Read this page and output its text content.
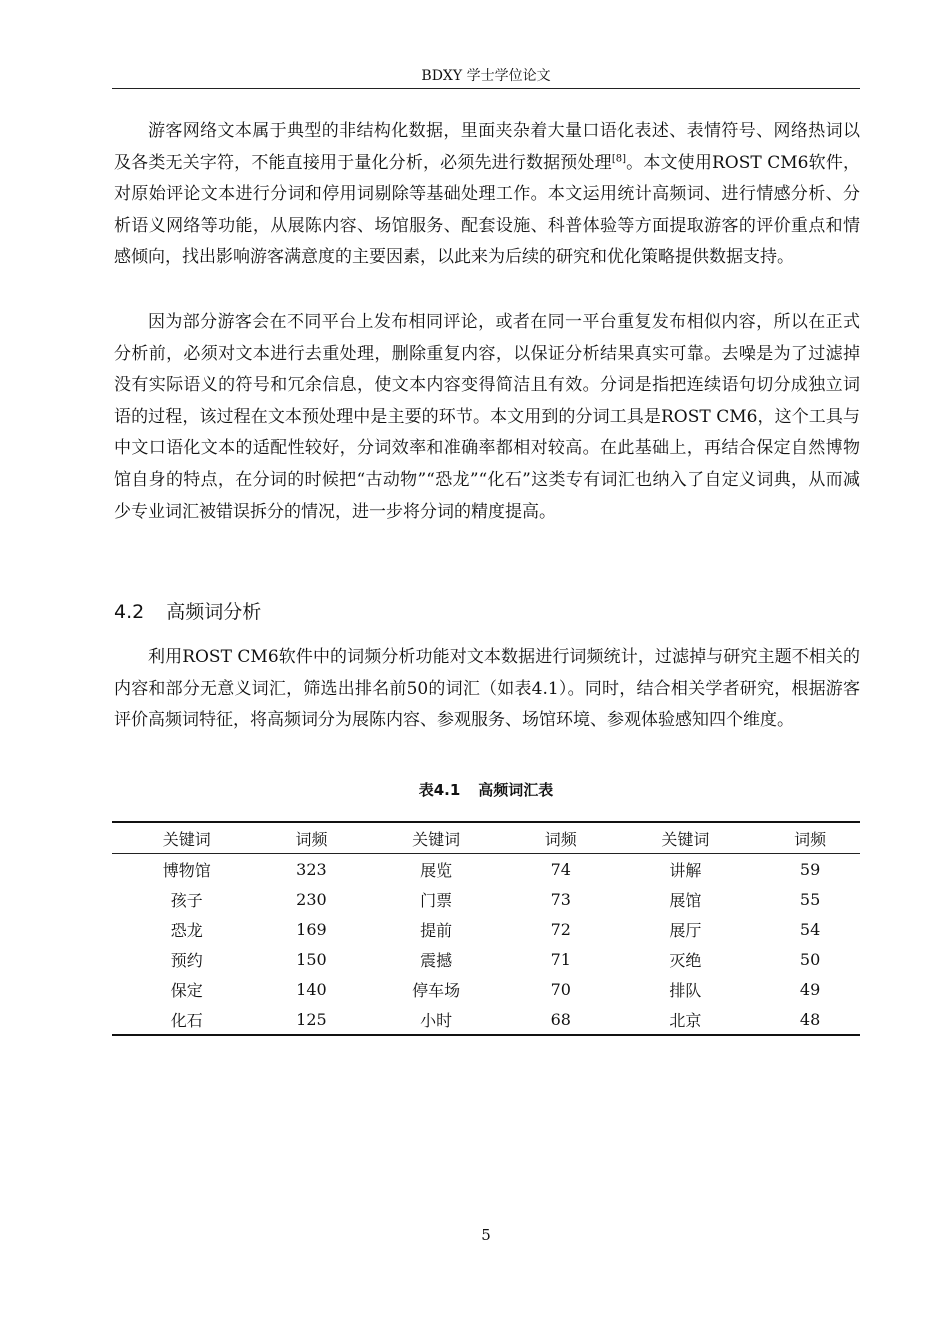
BDXY 学士学位论文

游客网络文本属于典型的非结构化数据，里面夹杂着大量口语化表述、表情符号、网络热词以及各类无关字符，不能直接用于量化分析，必须先进行数据预处理[8]。本文使用ROST CM6软件，对原始评论文本进行分词和停用词剔除等基础处理工作。本文运用统计高频词、进行情感分析、分析语义网络等功能，从展陈内容、场馆服务、配套设施、科普体验等方面提取游客的评价重点和情感倾向，找出影响游客满意度的主要因素，以此来为后续的研究和优化策略提供数据支持。

因为部分游客会在不同平台上发布相同评论，或者在同一平台重复发布相似内容，所以在正式分析前，必须对文本进行去重处理，删除重复内容，以保证分析结果真实可靠。去噪是为了过滤掉没有实际语义的符号和冗余信息，使文本内容变得简洁且有效。分词是指把连续语句切分成独立词语的过程，该过程在文本预处理中是主要的环节。本文用到的分词工具是ROST CM6，这个工具与中文口语化文本的适配性较好，分词效率和准确率都相对较高。在此基础上，再结合保定自然博物馆自身的特点，在分词的时候把“古动物”“恐龙”“化石”这类专有词汇也纳入了自定义词典，从而减少专业词汇被错误拆分的情况，进一步将分词的精度提高。

4.2 高频词分析

利用ROST CM6软件中的词频分析功能对文本数据进行词频统计，过滤掉与研究主题不相关的内容和部分无意义词汇，筛选出排名前50的词汇（如表4.1）。同时，结合相关学者研究，根据游客评价高频词特征，将高频词分为展陈内容、参观服务、场馆环境、参观体验感知四个维度。

表4.1 高频词汇表
关键词	词频	关键词	词频	关键词	词频
博物馆	323	展览	74	讲解	59
孩子	230	门票	73	展馆	55
恐龙	169	提前	72	展厅	54
预约	150	震撼	71	灭绝	50
保定	140	停车场	70	排队	49
化石	125	小时	68	北京	48
5
